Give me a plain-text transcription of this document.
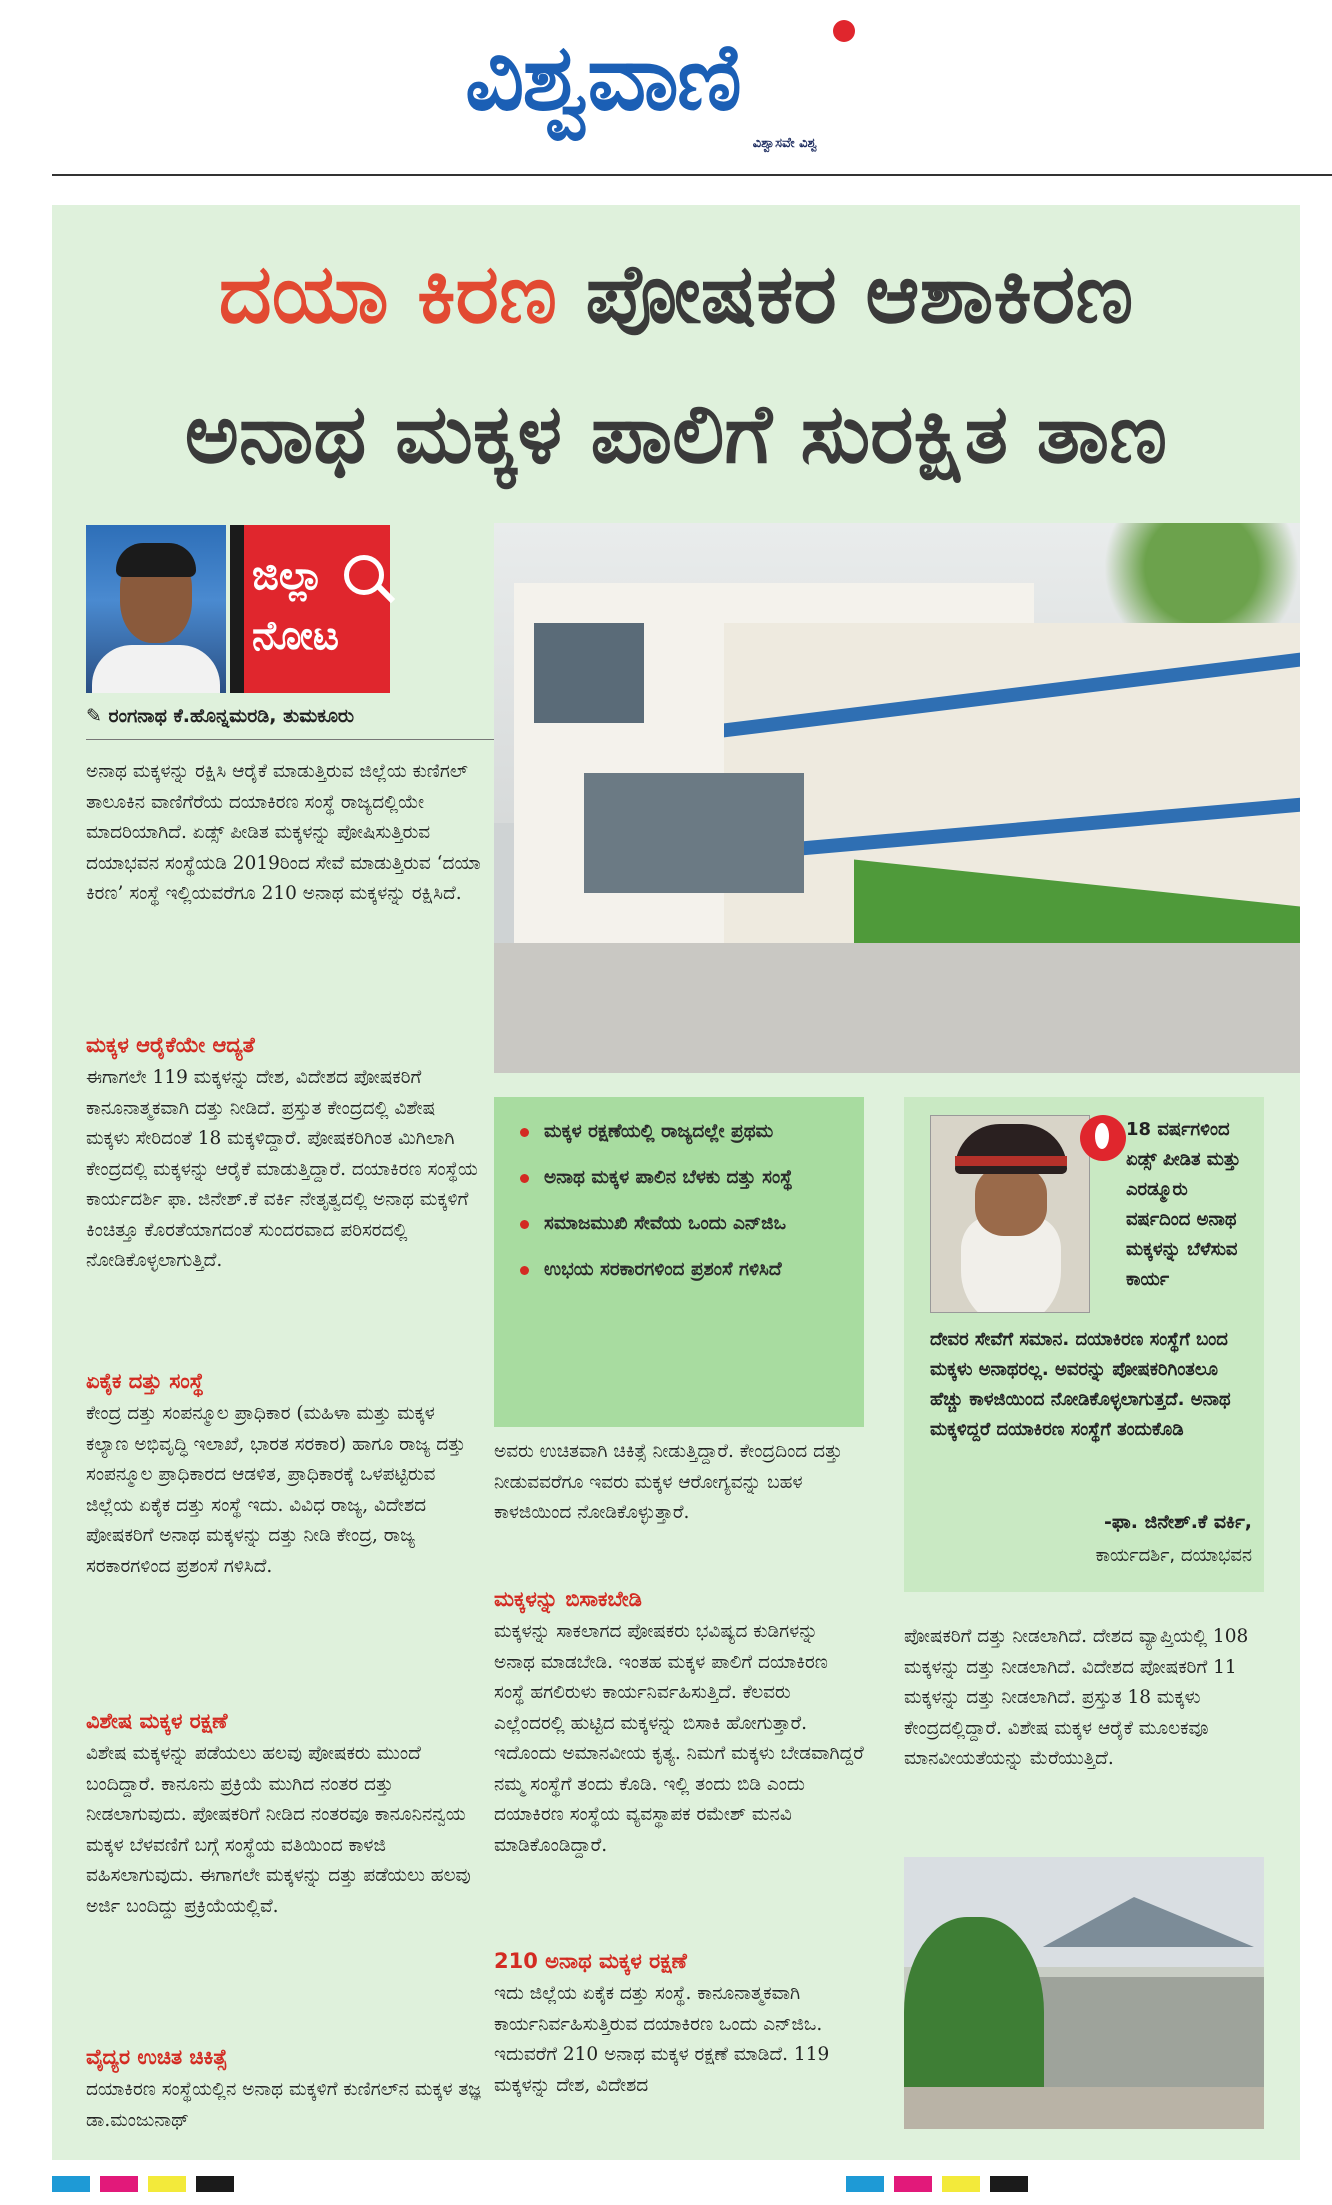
ವಿಶ್ವವಾಣಿ
ವಿಶ್ವಾಸವೇ ವಿಶ್ವ
ದಯಾ ಕಿರಣ ಪೋಷಕರ ಆಶಾಕಿರಣ
ಅನಾಥ ಮಕ್ಕಳ ಪಾಲಿಗೆ ಸುರಕ್ಷಿತ ತಾಣ
ಜಿಲ್ಲಾ
ನೋಟ
✎ ರಂಗನಾಥ ಕೆ.ಹೊನ್ನಮರಡಿ, ತುಮಕೂರು

ಅನಾಥ ಮಕ್ಕಳನ್ನು ರಕ್ಷಿಸಿ ಆರೈಕೆ ಮಾಡುತ್ತಿರುವ ಜಿಲ್ಲೆಯ ಕುಣಿಗಲ್ ತಾಲೂಕಿನ ವಾಣಿಗೆರೆಯ ದಯಾಕಿರಣ ಸಂಸ್ಥೆ ರಾಜ್ಯದಲ್ಲಿಯೇ ಮಾದರಿಯಾಗಿದೆ. ಏಡ್ಸ್ ಪೀಡಿತ ಮಕ್ಕಳನ್ನು ಪೋಷಿಸುತ್ತಿರುವ ದಯಾಭವನ ಸಂಸ್ಥೆಯಡಿ 2019ರಿಂದ ಸೇವೆ ಮಾಡುತ್ತಿರುವ ‘ದಯಾ ಕಿರಣ’ ಸಂಸ್ಥೆ ಇಲ್ಲಿಯವರೆಗೂ 210 ಅನಾಥ ಮಕ್ಕಳನ್ನು ರಕ್ಷಿಸಿದೆ.

ಮಕ್ಕಳ ಆರೈಕೆಯೇ ಆದ್ಯತೆ

ಈಗಾಗಲೇ 119 ಮಕ್ಕಳನ್ನು ದೇಶ, ವಿದೇಶದ ಪೋಷಕರಿಗೆ ಕಾನೂನಾತ್ಮಕವಾಗಿ ದತ್ತು ನೀಡಿದೆ. ಪ್ರಸ್ತುತ ಕೇಂದ್ರದಲ್ಲಿ ವಿಶೇಷ ಮಕ್ಕಳು ಸೇರಿದಂತೆ 18 ಮಕ್ಕಳಿದ್ದಾರೆ. ಪೋಷಕರಿಗಿಂತ ಮಿಗಿಲಾಗಿ ಕೇಂದ್ರದಲ್ಲಿ ಮಕ್ಕಳನ್ನು ಆರೈಕೆ ಮಾಡುತ್ತಿದ್ದಾರೆ. ದಯಾಕಿರಣ ಸಂಸ್ಥೆಯ ಕಾರ್ಯದರ್ಶಿ ಫಾ. ಜಿನೇಶ್.ಕೆ ವರ್ಕಿ ನೇತೃತ್ವದಲ್ಲಿ ಅನಾಥ ಮಕ್ಕಳಿಗೆ ಕಿಂಚಿತ್ತೂ ಕೊರತೆಯಾಗದಂತೆ ಸುಂದರವಾದ ಪರಿಸರದಲ್ಲಿ ನೋಡಿಕೊಳ್ಳಲಾಗುತ್ತಿದೆ.

ಏಕೈಕ ದತ್ತು ಸಂಸ್ಥೆ

ಕೇಂದ್ರ ದತ್ತು ಸಂಪನ್ಮೂಲ ಪ್ರಾಧಿಕಾರ (ಮಹಿಳಾ ಮತ್ತು ಮಕ್ಕಳ ಕಲ್ಯಾಣ ಅಭಿವೃದ್ಧಿ ಇಲಾಖೆ, ಭಾರತ ಸರಕಾರ) ಹಾಗೂ ರಾಜ್ಯ ದತ್ತು ಸಂಪನ್ಮೂಲ ಪ್ರಾಧಿಕಾರದ ಆಡಳಿತ, ಪ್ರಾಧಿಕಾರಕ್ಕೆ ಒಳಪಟ್ಟಿರುವ ಜಿಲ್ಲೆಯ ಏಕೈಕ ದತ್ತು ಸಂಸ್ಥೆ ಇದು. ವಿವಿಧ ರಾಜ್ಯ, ವಿದೇಶದ ಪೋಷಕರಿಗೆ ಅನಾಥ ಮಕ್ಕಳನ್ನು ದತ್ತು ನೀಡಿ ಕೇಂದ್ರ, ರಾಜ್ಯ ಸರಕಾರಗಳಿಂದ ಪ್ರಶಂಸೆ ಗಳಿಸಿದೆ.

ವಿಶೇಷ ಮಕ್ಕಳ ರಕ್ಷಣೆ

ವಿಶೇಷ ಮಕ್ಕಳನ್ನು ಪಡೆಯಲು ಹಲವು ಪೋಷಕರು ಮುಂದೆ ಬಂದಿದ್ದಾರೆ. ಕಾನೂನು ಪ್ರಕ್ರಿಯೆ ಮುಗಿದ ನಂತರ ದತ್ತು ನೀಡಲಾಗುವುದು. ಪೋಷಕರಿಗೆ ನೀಡಿದ ನಂತರವೂ ಕಾನೂನಿನನ್ವಯ ಮಕ್ಕಳ ಬೆಳವಣಿಗೆ ಬಗ್ಗೆ ಸಂಸ್ಥೆಯ ವತಿಯಿಂದ ಕಾಳಜಿ ವಹಿಸಲಾಗುವುದು. ಈಗಾಗಲೇ ಮಕ್ಕಳನ್ನು ದತ್ತು ಪಡೆಯಲು ಹಲವು ಅರ್ಜಿ ಬಂದಿದ್ದು ಪ್ರಕ್ರಿಯೆಯಲ್ಲಿವೆ.

ವೈದ್ಯರ ಉಚಿತ ಚಿಕಿತ್ಸೆ

ದಯಾಕಿರಣ ಸಂಸ್ಥೆಯಲ್ಲಿನ ಅನಾಥ ಮಕ್ಕಳಿಗೆ ಕುಣಿಗಲ್‌ನ ಮಕ್ಕಳ ತಜ್ಞ ಡಾ.ಮಂಜುನಾಥ್

ಮಕ್ಕಳ ರಕ್ಷಣೆಯಲ್ಲಿ ರಾಜ್ಯದಲ್ಲೇ ಪ್ರಥಮ
ಅನಾಥ ಮಕ್ಕಳ ಪಾಲಿನ ಬೆಳಕು ದತ್ತು ಸಂಸ್ಥೆ
ಸಮಾಜಮುಖಿ ಸೇವೆಯ ಒಂದು ಎನ್‌ಜಿಒ
ಉಭಯ ಸರಕಾರಗಳಿಂದ ಪ್ರಶಂಸೆ ಗಳಿಸಿದೆ

ಅವರು ಉಚಿತವಾಗಿ ಚಿಕಿತ್ಸೆ ನೀಡುತ್ತಿದ್ದಾರೆ. ಕೇಂದ್ರದಿಂದ ದತ್ತು ನೀಡುವವರೆಗೂ ಇವರು ಮಕ್ಕಳ ಆರೋಗ್ಯವನ್ನು ಬಹಳ ಕಾಳಜಿಯಿಂದ ನೋಡಿಕೊಳ್ಳುತ್ತಾರೆ.

ಮಕ್ಕಳನ್ನು ಬಿಸಾಕಬೇಡಿ

ಮಕ್ಕಳನ್ನು ಸಾಕಲಾಗದ ಪೋಷಕರು ಭವಿಷ್ಯದ ಕುಡಿಗಳನ್ನು ಅನಾಥ ಮಾಡಬೇಡಿ. ಇಂತಹ ಮಕ್ಕಳ ಪಾಲಿಗೆ ದಯಾಕಿರಣ ಸಂಸ್ಥೆ ಹಗಲಿರುಳು ಕಾರ್ಯನಿರ್ವಹಿಸುತ್ತಿದೆ. ಕೆಲವರು ಎಲ್ಲೆಂದರಲ್ಲಿ ಹುಟ್ಟಿದ ಮಕ್ಕಳನ್ನು ಬಿಸಾಕಿ ಹೋಗುತ್ತಾರೆ. ಇದೊಂದು ಅಮಾನವೀಯ ಕೃತ್ಯ. ನಿಮಗೆ ಮಕ್ಕಳು ಬೇಡವಾಗಿದ್ದರೆ ನಮ್ಮ ಸಂಸ್ಥೆಗೆ ತಂದು ಕೊಡಿ. ಇಲ್ಲಿ ತಂದು ಬಿಡಿ ಎಂದು ದಯಾಕಿರಣ ಸಂಸ್ಥೆಯ ವ್ಯವಸ್ಥಾಪಕ ರಮೇಶ್ ಮನವಿ ಮಾಡಿಕೊಂಡಿದ್ದಾರೆ.

210 ಅನಾಥ ಮಕ್ಕಳ ರಕ್ಷಣೆ

ಇದು ಜಿಲ್ಲೆಯ ಏಕೈಕ ದತ್ತು ಸಂಸ್ಥೆ. ಕಾನೂನಾತ್ಮಕವಾಗಿ ಕಾರ್ಯನಿರ್ವಹಿಸುತ್ತಿರುವ ದಯಾಕಿರಣ ಒಂದು ಎನ್‌ಜಿಒ. ಇದುವರೆಗೆ 210 ಅನಾಥ ಮಕ್ಕಳ ರಕ್ಷಣೆ ಮಾಡಿದೆ. 119 ಮಕ್ಕಳನ್ನು ದೇಶ, ವಿದೇಶದ

18 ವರ್ಷಗಳಿಂದ ಏಡ್ಸ್ ಪೀಡಿತ ಮತ್ತು ಎರಡ್ಮೂರು ವರ್ಷದಿಂದ ಅನಾಥ ಮಕ್ಕಳನ್ನು ಬೆಳೆಸುವ ಕಾರ್ಯ

ದೇವರ ಸೇವೆಗೆ ಸಮಾನ. ದಯಾಕಿರಣ ಸಂಸ್ಥೆಗೆ ಬಂದ ಮಕ್ಕಳು ಅನಾಥರಲ್ಲ. ಅವರನ್ನು ಪೋಷಕರಿಗಿಂತಲೂ ಹೆಚ್ಚು ಕಾಳಜಿಯಿಂದ ನೋಡಿಕೊಳ್ಳಲಾಗುತ್ತದೆ. ಅನಾಥ ಮಕ್ಕಳಿದ್ದರೆ ದಯಾಕಿರಣ ಸಂಸ್ಥೆಗೆ ತಂದುಕೊಡಿ

-ಫಾ. ಜಿನೇಶ್.ಕೆ ವರ್ಕಿ,

ಕಾರ್ಯದರ್ಶಿ, ದಯಾಭವನ

ಪೋಷಕರಿಗೆ ದತ್ತು ನೀಡಲಾಗಿದೆ. ದೇಶದ ವ್ಯಾಪ್ತಿಯಲ್ಲಿ 108 ಮಕ್ಕಳನ್ನು ದತ್ತು ನೀಡಲಾಗಿದೆ. ವಿದೇಶದ ಪೋಷಕರಿಗೆ 11 ಮಕ್ಕಳನ್ನು ದತ್ತು ನೀಡಲಾಗಿದೆ. ಪ್ರಸ್ತುತ 18 ಮಕ್ಕಳು ಕೇಂದ್ರದಲ್ಲಿದ್ದಾರೆ. ವಿಶೇಷ ಮಕ್ಕಳ ಆರೈಕೆ ಮೂಲಕವೂ ಮಾನವೀಯತೆಯನ್ನು ಮೆರೆಯುತ್ತಿದೆ.
